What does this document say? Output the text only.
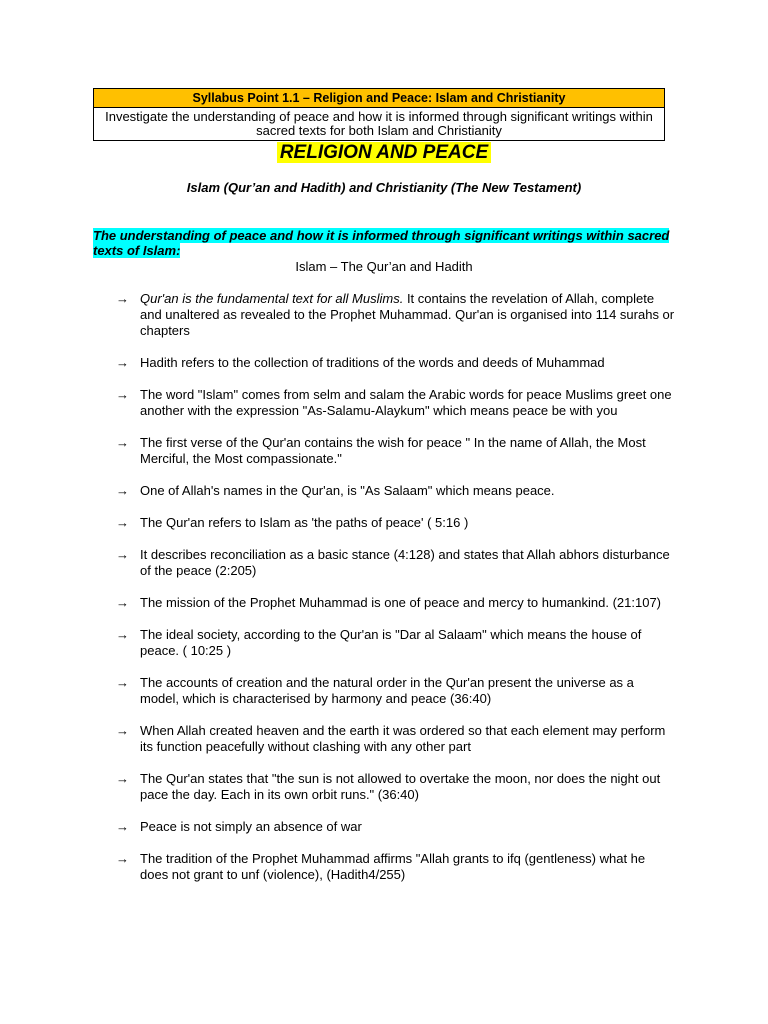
Syllabus Point 1.1 – Religion and Peace: Islam and Christianity
Investigate the understanding of peace and how it is informed through significant writings within sacred texts for both Islam and Christianity
RELIGION AND PEACE
Islam (Qur’an and Hadith) and Christianity (The New Testament)
The understanding of peace and how it is informed through significant writings within sacred texts of Islam:
Islam – The Qur’an and Hadith
→ Qur'an is the fundamental text for all Muslims. It contains the revelation of Allah, complete and unaltered as revealed to the Prophet Muhammad. Qur'an is organised into 114 surahs or chapters
→ Hadith refers to the collection of traditions of the words and deeds of Muhammad
→ The word "Islam" comes from selm and salam the Arabic words for peace Muslims greet one another with the expression "As-Salamu-Alaykum" which means peace be with you
→ The first verse of the Qur'an contains the wish for peace " In the name of Allah, the Most Merciful, the Most compassionate."
→ One of Allah's names in the Qur'an, is "As Salaam" which means peace.
→ The Qur'an refers to Islam as 'the paths of peace' ( 5:16 )
→ It describes reconciliation as a basic stance (4:128) and states that Allah abhors disturbance of the peace (2:205)
→ The mission of the Prophet Muhammad is one of peace and mercy to humankind. (21:107)
→ The ideal society, according to the Qur'an is "Dar al Salaam" which means the house of peace. ( 10:25 )
→ The accounts of creation and the natural order in the Qur'an present the universe as a model, which is characterised by harmony and peace (36:40)
→ When Allah created heaven and the earth it was ordered so that each element may perform its function peacefully without clashing with any other part
→ The Qur'an states that "the sun is not allowed to overtake the moon, nor does the night out pace the day. Each in its own orbit runs." (36:40)
→ Peace is not simply an absence of war
→ The tradition of the Prophet Muhammad affirms "Allah grants to ifq (gentleness) what he does not grant to unf (violence), (Hadith4/255)
